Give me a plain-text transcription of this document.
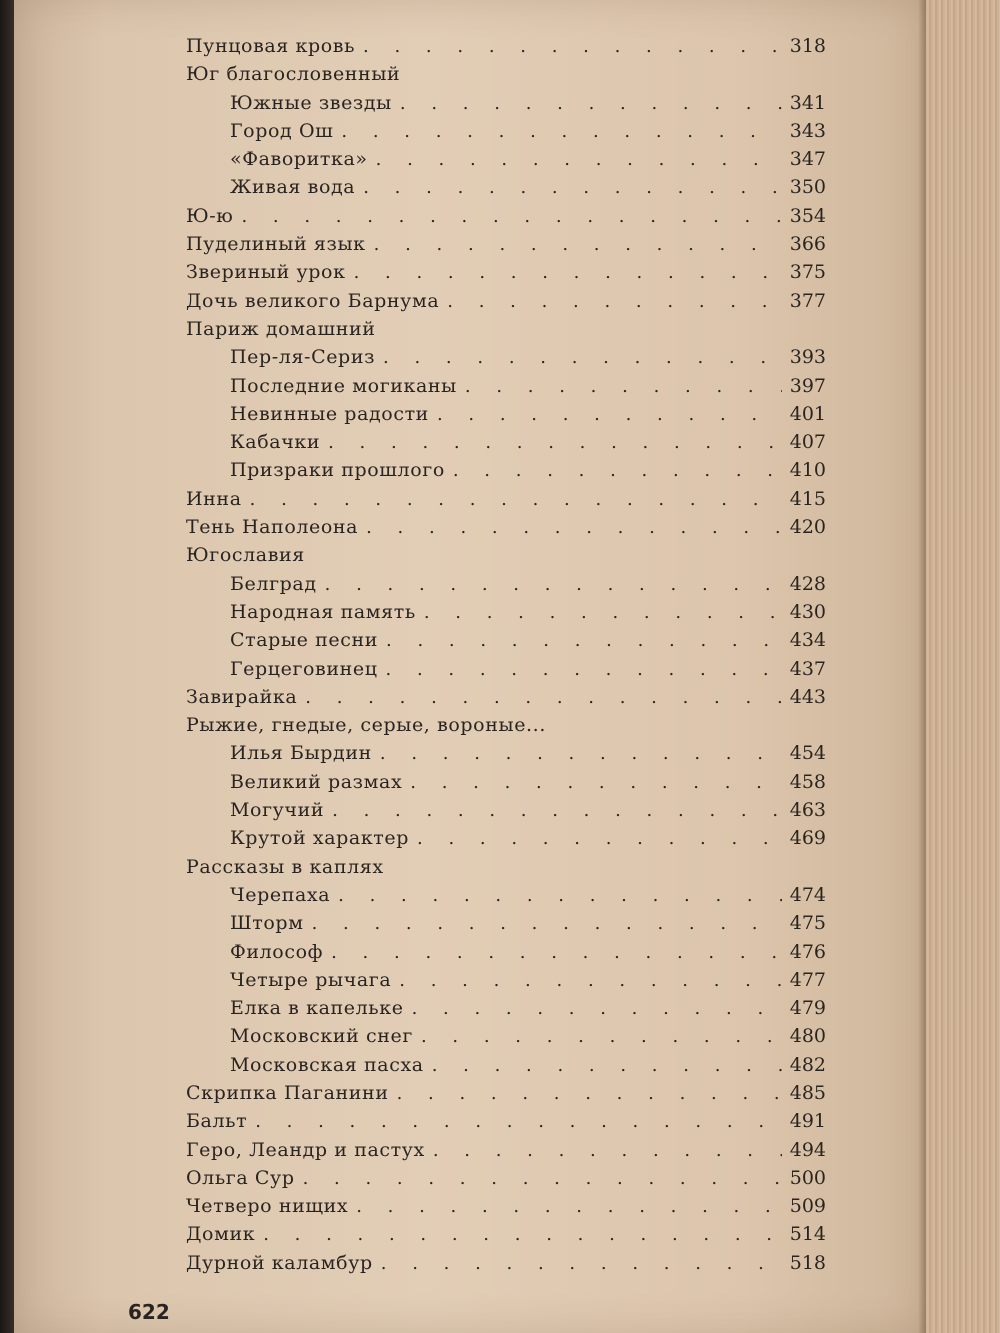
Пунцовая кровь . . .	318
Юг благословенный
Южные звезды . . .	341
Город Ош . . .	343
«Фаворитка» . . .	347
Живая вода . . .	350
Ю-ю . . .	354
Пуделиный язык . . .	366
Звериный урок . . .	375
Дочь великого Барнума . . .	377
Париж домашний
Пер-ля-Сериз . . .	393
Последние могиканы . . .	397
Невинные радости . . .	401
Кабачки . . .	407
Призраки прошлого . . .	410
Инна . . .	415
Тень Наполеона . . .	420
Югославия
Белград . . .	428
Народная память . . .	430
Старые песни . . .	434
Герцеговинец . . .	437
Завирайка . . .	443
Рыжие, гнедые, серые, вороные...
Илья Бырдин . . .	454
Великий размах . . .	458
Могучий . . .	463
Крутой характер . . .	469
Рассказы в каплях
Черепаха . . .	474
Шторм . . .	475
Философ . . .	476
Четыре рычага . . .	477
Елка в капельке . . .	479
Московский снег . . .	480
Московская пасха . . .	482
Скрипка Паганини . . .	485
Бальт . . .	491
Геро, Леандр и пастух . . .	494
Ольга Сур . . .	500
Четверо нищих . . .	509
Домик . . .	514
Дурной каламбур . . .	518
622
